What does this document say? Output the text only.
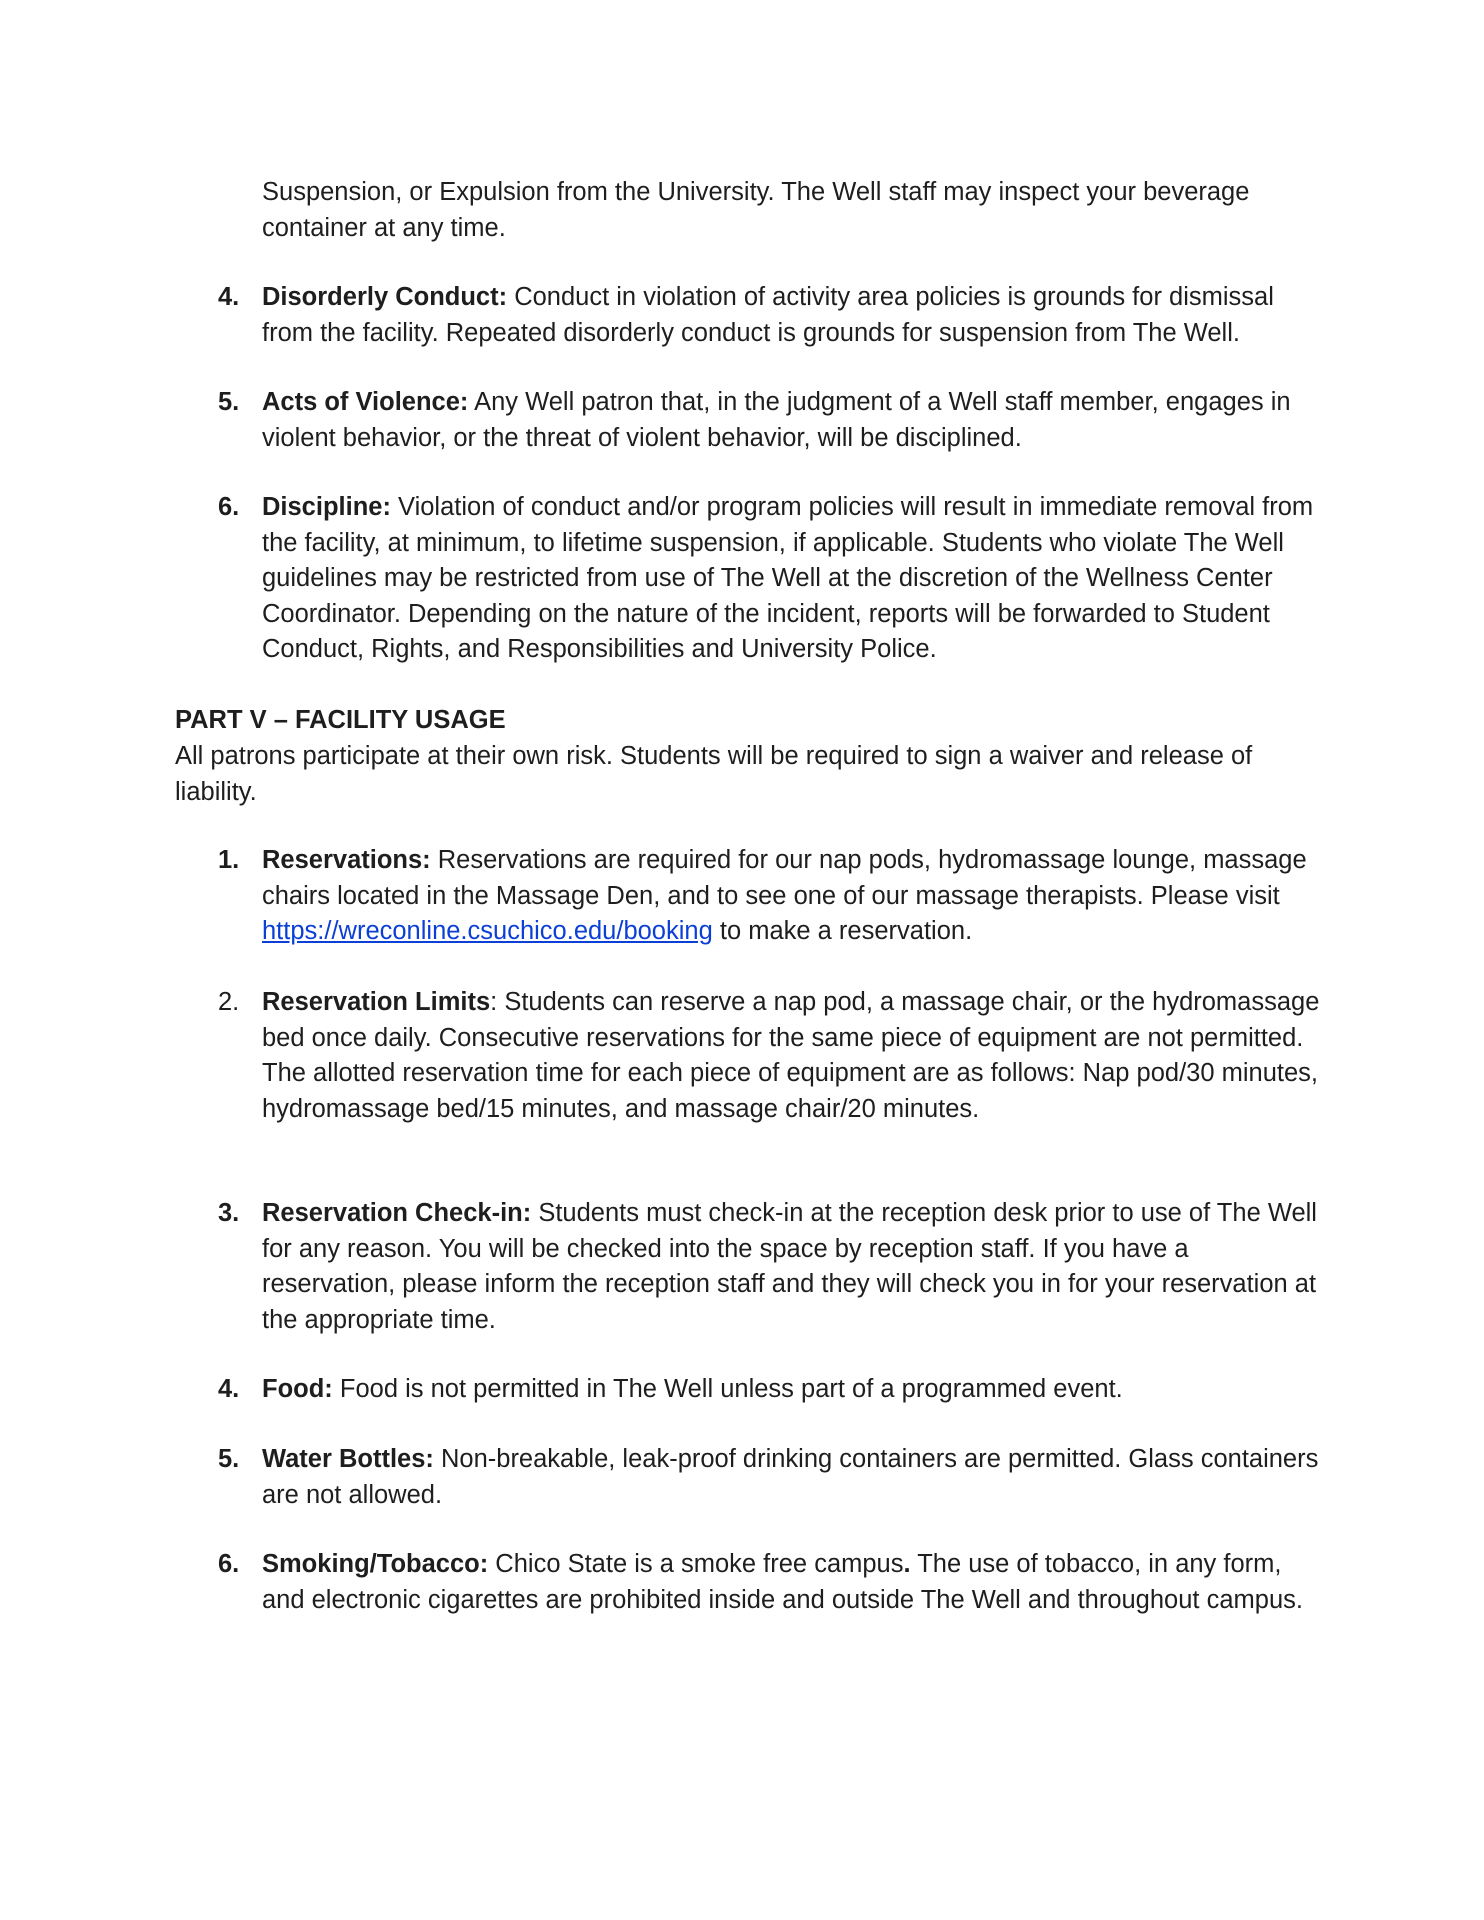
Suspension, or Expulsion from the University. The Well staff may inspect your beverage container at any time.
4. Disorderly Conduct: Conduct in violation of activity area policies is grounds for dismissal from the facility. Repeated disorderly conduct is grounds for suspension from The Well.
5. Acts of Violence: Any Well patron that, in the judgment of a Well staff member, engages in violent behavior, or the threat of violent behavior, will be disciplined.
6. Discipline: Violation of conduct and/or program policies will result in immediate removal from the facility, at minimum, to lifetime suspension, if applicable. Students who violate The Well guidelines may be restricted from use of The Well at the discretion of the Wellness Center Coordinator. Depending on the nature of the incident, reports will be forwarded to Student Conduct, Rights, and Responsibilities and University Police.
PART V – FACILITY USAGE
All patrons participate at their own risk. Students will be required to sign a waiver and release of liability.
1. Reservations: Reservations are required for our nap pods, hydromassage lounge, massage chairs located in the Massage Den, and to see one of our massage therapists. Please visit https://wreconline.csuchico.edu/booking to make a reservation.
2. Reservation Limits: Students can reserve a nap pod, a massage chair, or the hydromassage bed once daily. Consecutive reservations for the same piece of equipment are not permitted. The allotted reservation time for each piece of equipment are as follows: Nap pod/30 minutes, hydromassage bed/15 minutes, and massage chair/20 minutes.
3. Reservation Check-in: Students must check-in at the reception desk prior to use of The Well for any reason. You will be checked into the space by reception staff. If you have a reservation, please inform the reception staff and they will check you in for your reservation at the appropriate time.
4. Food: Food is not permitted in The Well unless part of a programmed event.
5. Water Bottles: Non-breakable, leak-proof drinking containers are permitted. Glass containers are not allowed.
6. Smoking/Tobacco: Chico State is a smoke free campus. The use of tobacco, in any form, and electronic cigarettes are prohibited inside and outside The Well and throughout campus.
